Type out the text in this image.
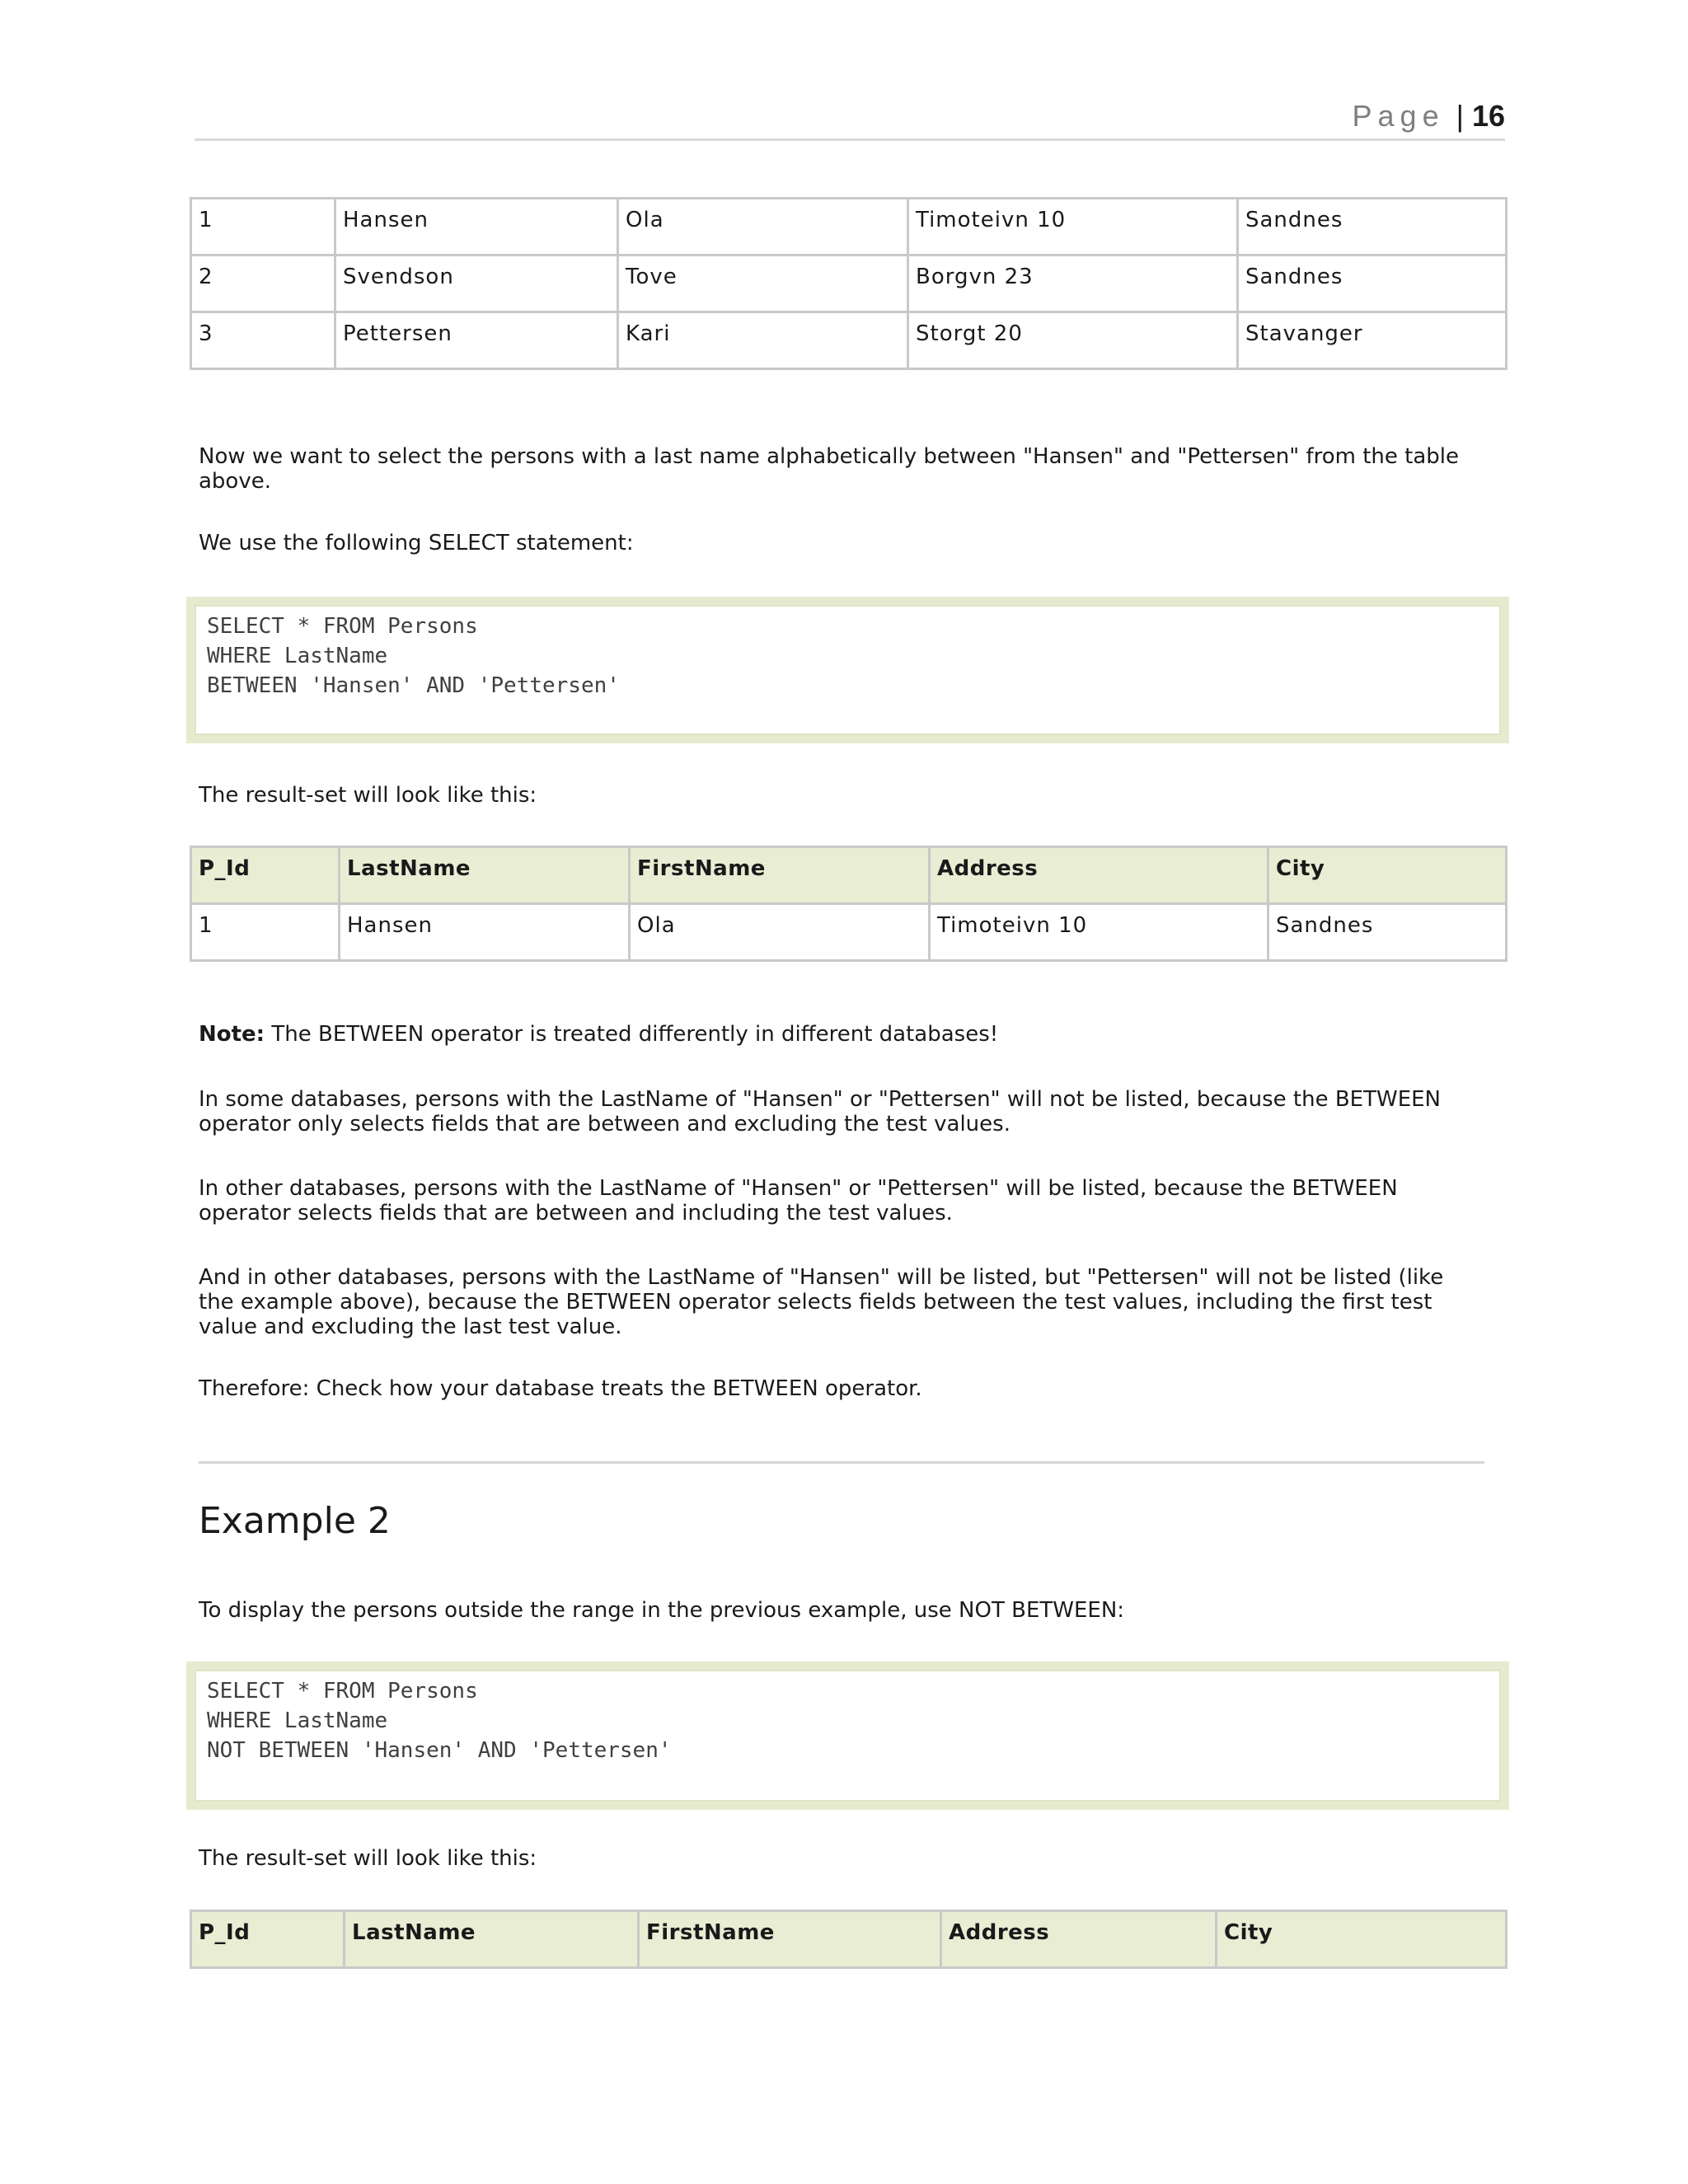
Page | 16
1	Hansen	Ola	Timoteivn 10	Sandnes
2	Svendson	Tove	Borgvn 23	Sandnes
3	Pettersen	Kari	Storgt 20	Stavanger

Now we want to select the persons with a last name alphabetically between "Hansen" and "Pettersen" from the table above.

We use the following SELECT statement:

SELECT * FROM Persons
WHERE LastName
BETWEEN 'Hansen' AND 'Pettersen'

The result-set will look like this:

P_Id	LastName	FirstName	Address	City
1	Hansen	Ola	Timoteivn 10	Sandnes

Note: The BETWEEN operator is treated differently in different databases!

In some databases, persons with the LastName of "Hansen" or "Pettersen" will not be listed, because the BETWEEN operator only selects fields that are between and excluding the test values.

In other databases, persons with the LastName of "Hansen" or "Pettersen" will be listed, because the BETWEEN operator selects fields that are between and including the test values.

And in other databases, persons with the LastName of "Hansen" will be listed, but "Pettersen" will not be listed (like the example above), because the BETWEEN operator selects fields between the test values, including the first test value and excluding the last test value.

Therefore: Check how your database treats the BETWEEN operator.

Example 2

To display the persons outside the range in the previous example, use NOT BETWEEN:

SELECT * FROM Persons
WHERE LastName
NOT BETWEEN 'Hansen' AND 'Pettersen'

The result-set will look like this:

P_Id	LastName	FirstName	Address	City
